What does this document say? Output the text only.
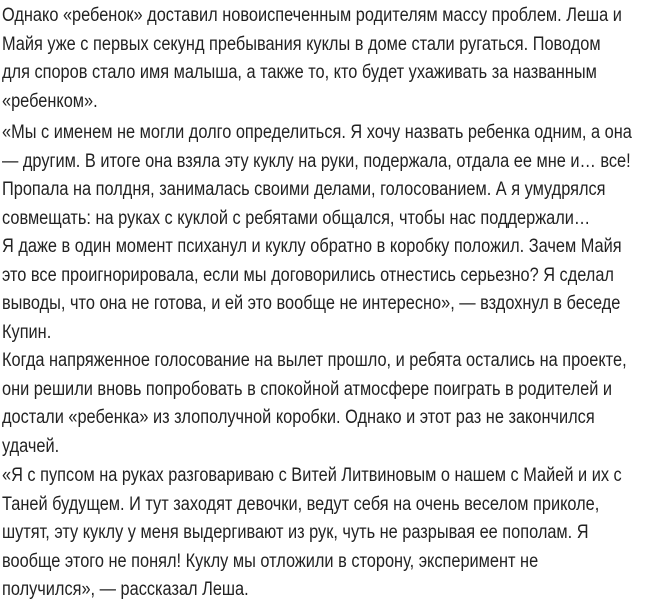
Однако «ребенок» доставил новоиспеченным родителям массу проблем. Леша и
Майя уже с первых секунд пребывания куклы в доме стали ругаться. Поводом
для споров стало имя малыша, а также то, кто будет ухаживать за названным
«ребенком».

«Мы с именем не могли долго определиться. Я хочу назвать ребенка одним, а она
— другим. В итоге она взяла эту куклу на руки, подержала, отдала ее мне и… все!
Пропала на полдня, занималась своими делами, голосованием. А я умудрялся
совмещать: на руках с куклой с ребятами общался, чтобы нас поддержали…
Я даже в один момент психанул и куклу обратно в коробку положил. Зачем Майя
это все проигнорировала, если мы договорились отнестись серьезно? Я сделал
выводы, что она не готова, и ей это вообще не интересно», — вздохнул в беседе
Купин.

Когда напряженное голосование на вылет прошло, и ребята остались на проекте,
они решили вновь попробовать в спокойной атмосфере поиграть в родителей и
достали «ребенка» из злополучной коробки. Однако и этот раз не закончился
удачей.

«Я с пупсом на руках разговариваю с Витей Литвиновым о нашем с Майей и их с
Таней будущем. И тут заходят девочки, ведут себя на очень веселом приколе,
шутят, эту куклу у меня выдергивают из рук, чуть не разрывая ее пополам. Я
вообще этого не понял! Куклу мы отложили в сторону, эксперимент не
получился», — рассказал Леша.
